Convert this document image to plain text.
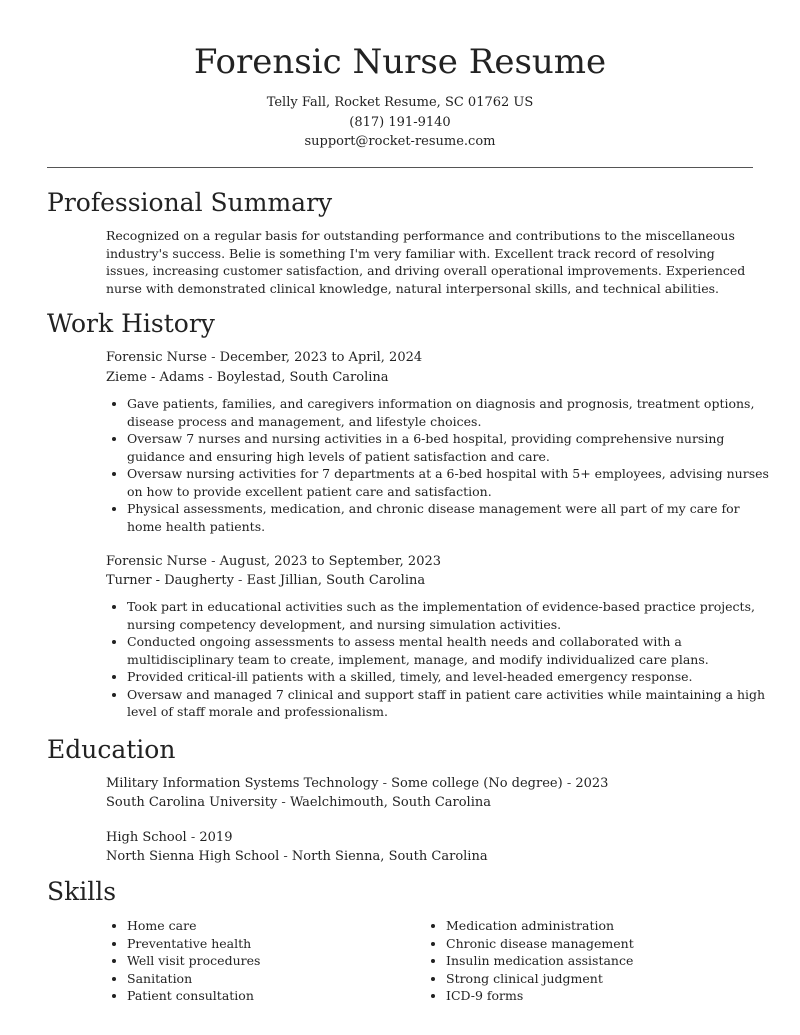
Forensic Nurse Resume
Telly Fall, Rocket Resume, SC 01762 US
(817) 191-9140
support@rocket-resume.com
Professional Summary
Recognized on a regular basis for outstanding performance and contributions to the miscellaneous industry's success. Belie is something I'm very familiar with. Excellent track record of resolving issues, increasing customer satisfaction, and driving overall operational improvements. Experienced nurse with demonstrated clinical knowledge, natural interpersonal skills, and technical abilities.
Work History
Forensic Nurse - December, 2023 to April, 2024
Zieme - Adams - Boylestad, South Carolina
• Gave patients, families, and caregivers information on diagnosis and prognosis, treatment options, disease process and management, and lifestyle choices.
• Oversaw 7 nurses and nursing activities in a 6-bed hospital, providing comprehensive nursing guidance and ensuring high levels of patient satisfaction and care.
• Oversaw nursing activities for 7 departments at a 6-bed hospital with 5+ employees, advising nurses on how to provide excellent patient care and satisfaction.
• Physical assessments, medication, and chronic disease management were all part of my care for home health patients.
Forensic Nurse - August, 2023 to September, 2023
Turner - Daugherty - East Jillian, South Carolina
• Took part in educational activities such as the implementation of evidence-based practice projects, nursing competency development, and nursing simulation activities.
• Conducted ongoing assessments to assess mental health needs and collaborated with a multidisciplinary team to create, implement, manage, and modify individualized care plans.
• Provided critical-ill patients with a skilled, timely, and level-headed emergency response.
• Oversaw and managed 7 clinical and support staff in patient care activities while maintaining a high level of staff morale and professionalism.
Education
Military Information Systems Technology - Some college (No degree) - 2023
South Carolina University - Waelchimouth, South Carolina
High School - 2019
North Sienna High School - North Sienna, South Carolina
Skills
• Home care
• Preventative health
• Well visit procedures
• Sanitation
• Patient consultation
• Medication administration
• Chronic disease management
• Insulin medication assistance
• Strong clinical judgment
• ICD-9 forms
